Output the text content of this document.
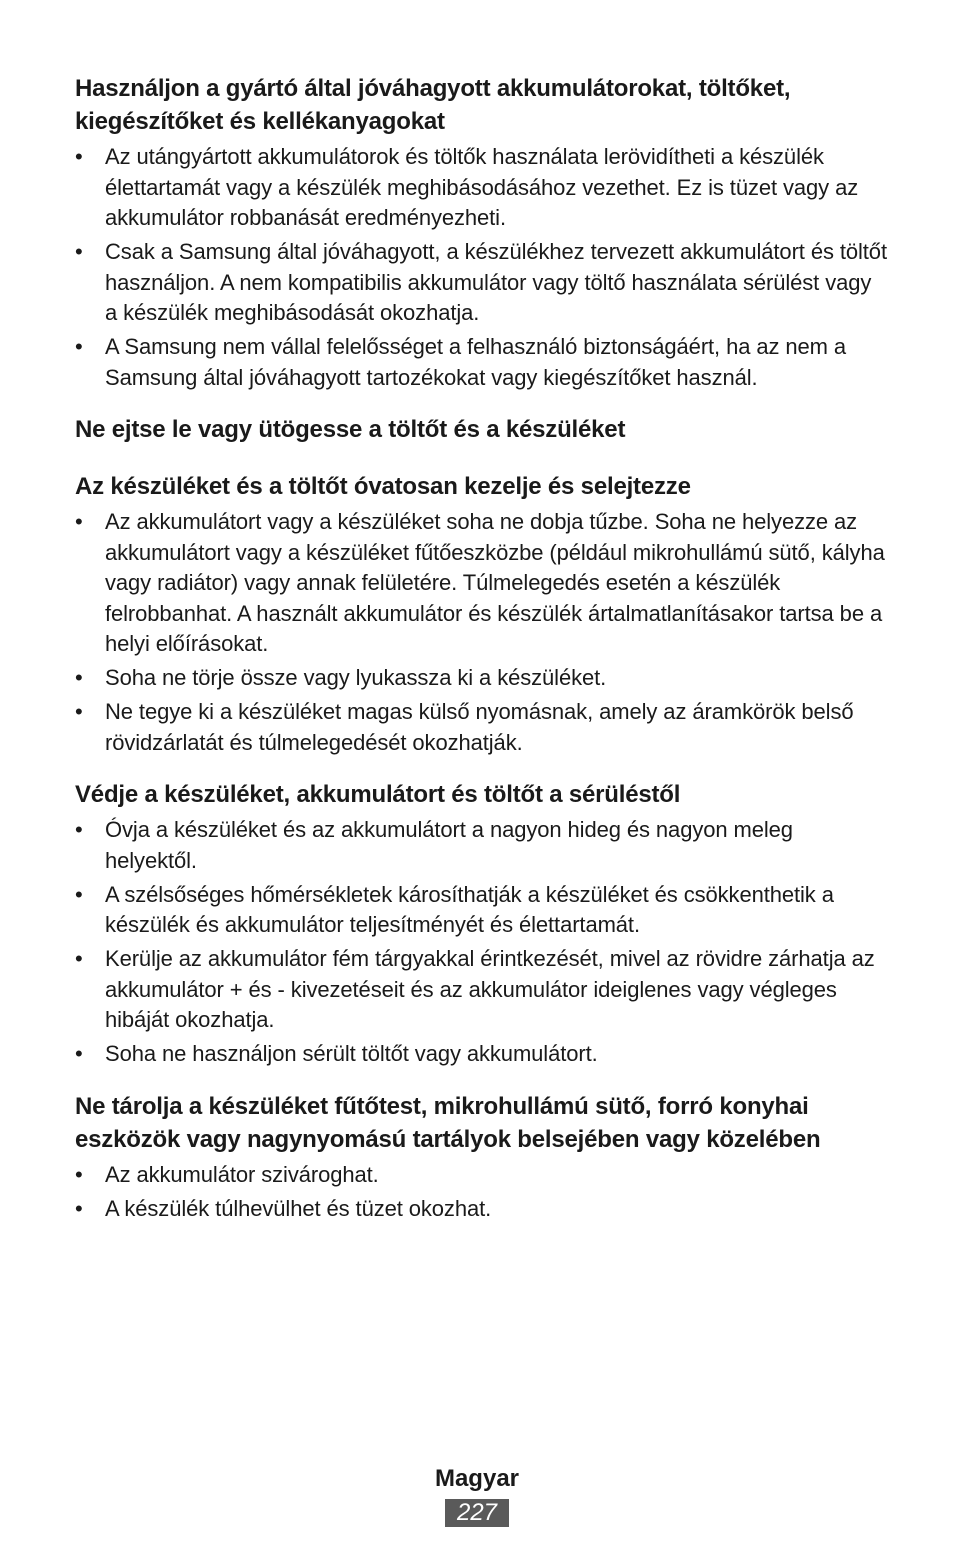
Használjon a gyártó által jóváhagyott akkumulátorokat, töltőket, kiegészítőket és kellékanyagokat
• Az utángyártott akkumulátorok és töltők használata lerövidítheti a készülék élettartamát vagy a készülék meghibásodásához vezethet. Ez is tüzet vagy az akkumulátor robbanását eredményezheti.
• Csak a Samsung által jóváhagyott, a készülékhez tervezett akkumulátort és töltőt használjon. A nem kompatibilis akkumulátor vagy töltő használata sérülést vagy a készülék meghibásodását okozhatja.
• A Samsung nem vállal felelősséget a felhasználó biztonságáért, ha az nem a Samsung által jóváhagyott tartozékokat vagy kiegészítőket használ.
Ne ejtse le vagy ütögesse a töltőt és a készüléket
Az készüléket és a töltőt óvatosan kezelje és selejtezze
• Az akkumulátort vagy a készüléket soha ne dobja tűzbe. Soha ne helyezze az akkumulátort vagy a készüléket fűtőeszközbe (például mikrohullámú sütő, kályha vagy radiátor) vagy annak felületére. Túlmelegedés esetén a készülék felrobbanhat. A használt akkumulátor és készülék ártalmatlanításakor tartsa be a helyi előírásokat.
• Soha ne törje össze vagy lyukassza ki a készüléket.
• Ne tegye ki a készüléket magas külső nyomásnak, amely az áramkörök belső rövidzárlatát és túlmelegedését okozhatják.
Védje a készüléket, akkumulátort és töltőt a sérüléstől
• Óvja a készüléket és az akkumulátort a nagyon hideg és nagyon meleg helyektől.
• A szélsőséges hőmérsékletek károsíthatják a készüléket és csökkenthetik a készülék és akkumulátor teljesítményét és élettartamát.
• Kerülje az akkumulátor fém tárgyakkal érintkezését, mivel az rövidre zárhatja az akkumulátor + és - kivezetéseit és az akkumulátor ideiglenes vagy végleges hibáját okozhatja.
• Soha ne használjon sérült töltőt vagy akkumulátort.
Ne tárolja a készüléket fűtőtest, mikrohullámú sütő, forró konyhai eszközök vagy nagynyomású tartályok belsejében vagy közelében
• Az akkumulátor szivároghat.
• A készülék túlhevülhet és tüzet okozhat.
Magyar
227
